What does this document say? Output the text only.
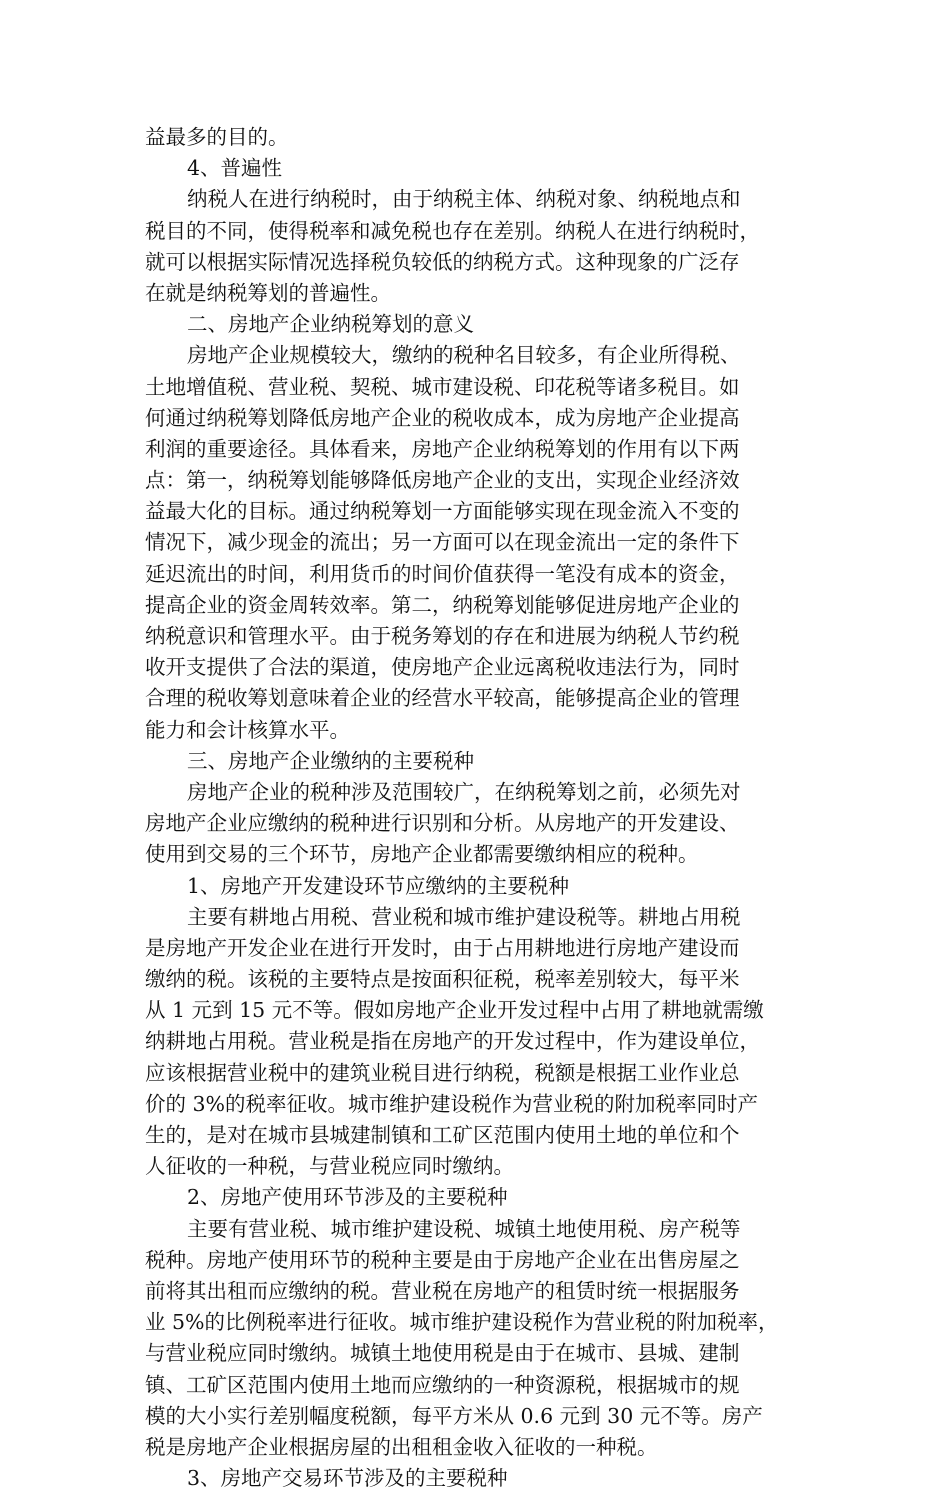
益最多的目的。
4、普遍性
纳税人在进行纳税时，由于纳税主体、纳税对象、纳税地点和
税目的不同，使得税率和减免税也存在差别。纳税人在进行纳税时，
就可以根据实际情况选择税负较低的纳税方式。这种现象的广泛存
在就是纳税筹划的普遍性。
二、房地产企业纳税筹划的意义
房地产企业规模较大，缴纳的税种名目较多，有企业所得税、
土地增值税、营业税、契税、城市建设税、印花税等诸多税目。如
何通过纳税筹划降低房地产企业的税收成本，成为房地产企业提高
利润的重要途径。具体看来，房地产企业纳税筹划的作用有以下两
点：第一，纳税筹划能够降低房地产企业的支出，实现企业经济效
益最大化的目标。通过纳税筹划一方面能够实现在现金流入不变的
情况下，减少现金的流出；另一方面可以在现金流出一定的条件下
延迟流出的时间，利用货币的时间价值获得一笔没有成本的资金，
提高企业的资金周转效率。第二，纳税筹划能够促进房地产企业的
纳税意识和管理水平。由于税务筹划的存在和进展为纳税人节约税
收开支提供了合法的渠道，使房地产企业远离税收违法行为，同时
合理的税收筹划意味着企业的经营水平较高，能够提高企业的管理
能力和会计核算水平。
三、房地产企业缴纳的主要税种
房地产企业的税种涉及范围较广，在纳税筹划之前，必须先对
房地产企业应缴纳的税种进行识别和分析。从房地产的开发建设、
使用到交易的三个环节，房地产企业都需要缴纳相应的税种。
1、房地产开发建设环节应缴纳的主要税种
主要有耕地占用税、营业税和城市维护建设税等。耕地占用税
是房地产开发企业在进行开发时，由于占用耕地进行房地产建设而
缴纳的税。该税的主要特点是按面积征税，税率差别较大，每平米
从 1 元到 15 元不等。假如房地产企业开发过程中占用了耕地就需缴
纳耕地占用税。营业税是指在房地产的开发过程中，作为建设单位，
应该根据营业税中的建筑业税目进行纳税，税额是根据工业作业总
价的 3%的税率征收。城市维护建设税作为营业税的附加税率同时产
生的，是对在城市县城建制镇和工矿区范围内使用土地的单位和个
人征收的一种税，与营业税应同时缴纳。
2、房地产使用环节涉及的主要税种
主要有营业税、城市维护建设税、城镇土地使用税、房产税等
税种。房地产使用环节的税种主要是由于房地产企业在出售房屋之
前将其出租而应缴纳的税。营业税在房地产的租赁时统一根据服务
业 5%的比例税率进行征收。城市维护建设税作为营业税的附加税率，
与营业税应同时缴纳。城镇土地使用税是由于在城市、县城、建制
镇、工矿区范围内使用土地而应缴纳的一种资源税，根据城市的规
模的大小实行差别幅度税额，每平方米从 0.6 元到 30 元不等。房产
税是房地产企业根据房屋的出租租金收入征收的一种税。
3、房地产交易环节涉及的主要税种
